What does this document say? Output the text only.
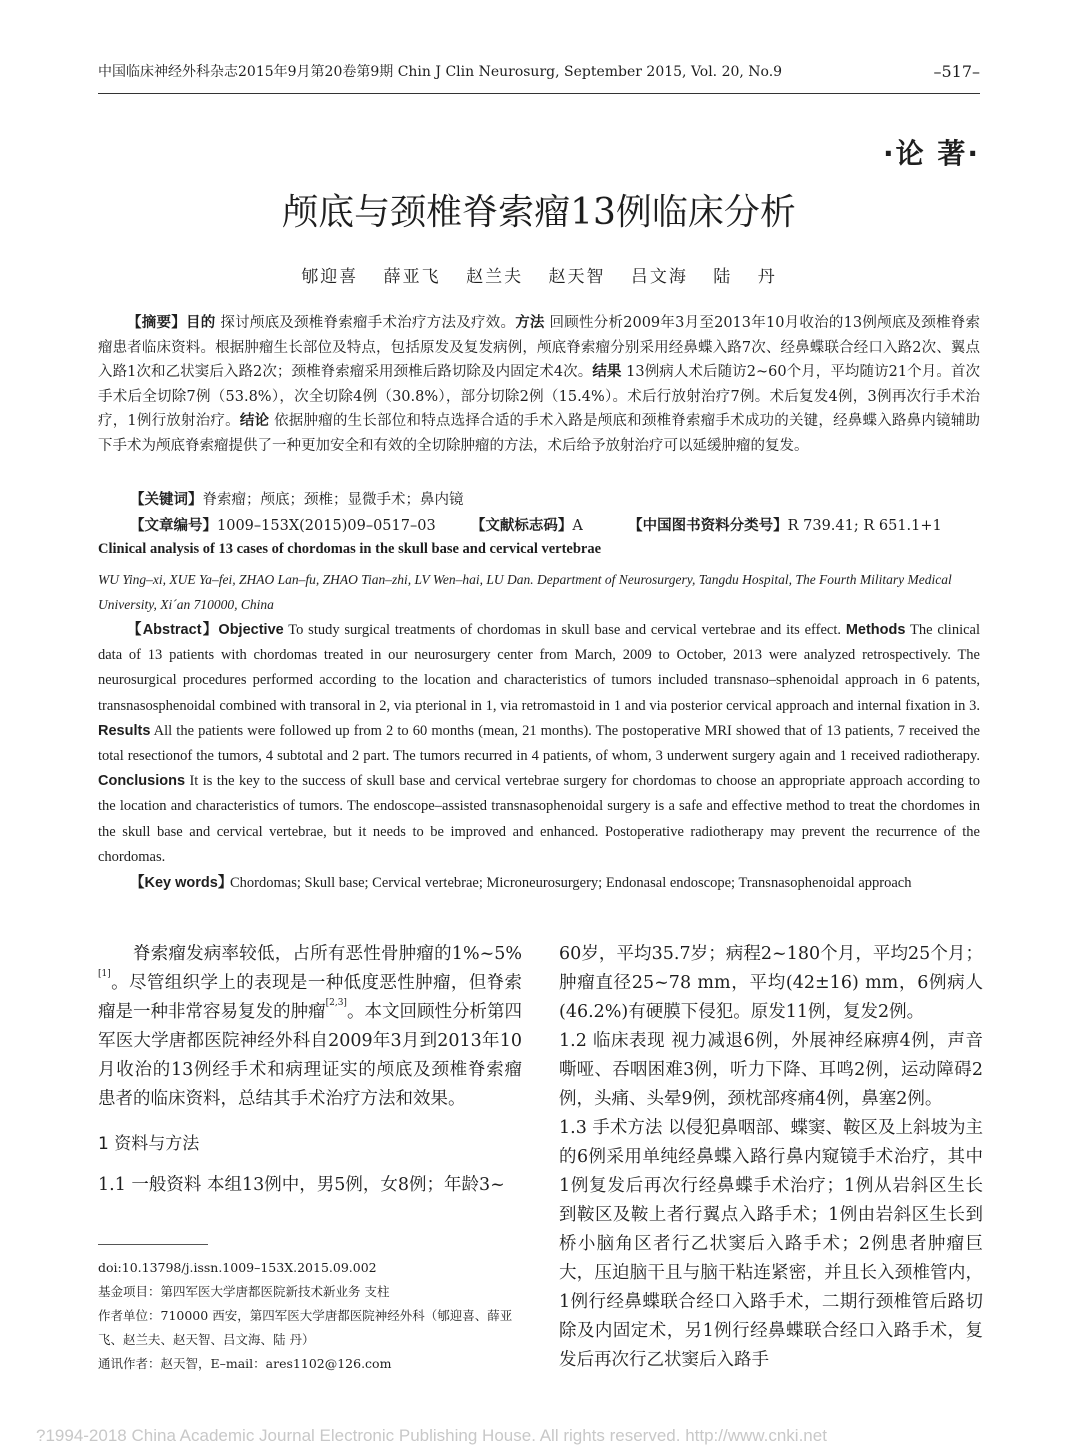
中国临床神经外科杂志2015年9月第20卷第9期 Chin J Clin Neurosurg, September 2015, Vol. 20, No.9	–517–
·论 著·
颅底与颈椎脊索瘤13例临床分析
郇迎喜 薛亚飞 赵兰夫 赵天智 吕文海 陆 丹
【摘要】目的 探讨颅底及颈椎脊索瘤手术治疗方法及疗效。方法 回顾性分析2009年3月至2013年10月收治的13例颅底及颈椎脊索瘤患者临床资料。根据肿瘤生长部位及特点，包括原发及复发病例，颅底脊索瘤分别采用经鼻蝶入路7次、经鼻蝶联合经口入路2次、翼点入路1次和乙状窦后入路2次；颈椎脊索瘤采用颈椎后路切除及内固定术4次。结果 13例病人术后随访2~60个月，平均随访21个月。首次手术后全切除7例（53.8%），次全切除4例（30.8%），部分切除2例（15.4%）。术后行放射治疗7例。术后复发4例，3例再次行手术治疗，1例行放射治疗。结论 依据肿瘤的生长部位和特点选择合适的手术入路是颅底和颈椎脊索瘤手术成功的关键，经鼻蝶入路鼻内镜辅助下手术为颅底脊索瘤提供了一种更加安全和有效的全切除肿瘤的方法，术后给予放射治疗可以延缓肿瘤的复发。
【关键词】脊索瘤；颅底；颈椎；显微手术；鼻内镜
【文章编号】1009–153X(2015)09–0517–03 【文献标志码】A	【中国图书资料分类号】R 739.41; R 651.1+1
Clinical analysis of 13 cases of chordomas in the skull base and cervical vertebrae
WU Ying–xi, XUE Ya–fei, ZHAO Lan–fu, ZHAO Tian–zhi, LV Wen–hai, LU Dan. Department of Neurosurgery, Tangdu Hospital, The Fourth Military Medical University, Xi´an 710000, China
【Abstract】Objective To study surgical treatments of chordomas in skull base and cervical vertebrae and its effect. Methods The clinical data of 13 patients with chordomas treated in our neurosurgery center from March, 2009 to October, 2013 were analyzed retrospectively. The neurosurgical procedures performed according to the location and characteristics of tumors included transnaso–sphenoidal approach in 6 patents, transnasosphenoidal combined with transoral in 2, via pterional in 1, via retromastoid in 1 and via posterior cervical approach and internal fixation in 3. Results All the patients were followed up from 2 to 60 months (mean, 21 months). The postoperative MRI showed that of 13 patients, 7 received the total resectionof the tumors, 4 subtotal and 2 part. The tumors recurred in 4 patients, of whom, 3 underwent surgery again and 1 received radiotherapy. Conclusions It is the key to the success of skull base and cervical vertebrae surgery for chordomas to choose an appropriate approach according to the location and characteristics of tumors. The endoscope–assisted transnasophenoidal surgery is a safe and effective method to treat the chordomes in the skull base and cervical vertebrae, but it needs to be improved and enhanced. Postoperative radiotherapy may prevent the recurrence of the chordomas.
【Key words】
Chordomas; Skull base; Cervical vertebrae; Microneurosurgery; Endonasal endoscope; Transnasophenoidal approach

脊索瘤发病率较低，占所有恶性骨肿瘤的1%~5%[1]。尽管组织学上的表现是一种低度恶性肿瘤，但脊索瘤是一种非常容易复发的肿瘤[2,3]。本文回顾性分析第四军医大学唐都医院神经外科自2009年3月到2013年10月收治的13例经手术和病理证实的颅底及颈椎脊索瘤患者的临床资料，总结其手术治疗方法和效果。

1 资料与方法

1.1 一般资料 本组13例中，男5例，女8例；年龄3~

doi:10.13798/j.issn.1009–153X.2015.09.002

基金项目：第四军医大学唐都医院新技术新业务 支柱

作者单位：710000 西安，第四军医大学唐都医院神经外科（郇迎喜、薛亚飞、赵兰夫、赵天智、吕文海、陆 丹）

通讯作者：赵天智，E–mail：ares1102@126.com

60岁，平均35.7岁；病程2~180个月，平均25个月；肿瘤直径25~78 mm，平均(42±16) mm，6例病人(46.2%)有硬膜下侵犯。原发11例，复发2例。

1.2 临床表现 视力减退6例，外展神经麻痹4例，声音嘶哑、吞咽困难3例，听力下降、耳鸣2例，运动障碍2例，头痛、头晕9例，颈枕部疼痛4例，鼻塞2例。

1.3 手术方法 以侵犯鼻咽部、蝶窦、鞍区及上斜坡为主的6例采用单纯经鼻蝶入路行鼻内窥镜手术治疗，其中1例复发后再次行经鼻蝶手术治疗；1例从岩斜区生长到鞍区及鞍上者行翼点入路手术；1例由岩斜区生长到桥小脑角区者行乙状窦后入路手术；2例患者肿瘤巨大，压迫脑干且与脑干粘连紧密，并且长入颈椎管内，1例行经鼻蝶联合经口入路手术，二期行颈椎管后路切除及内固定术，另1例行经鼻蝶联合经口入路手术，复发后再次行乙状窦后入路手

?1994-2018 China Academic Journal Electronic Publishing House. All rights reserved. http://www.cnki.net
